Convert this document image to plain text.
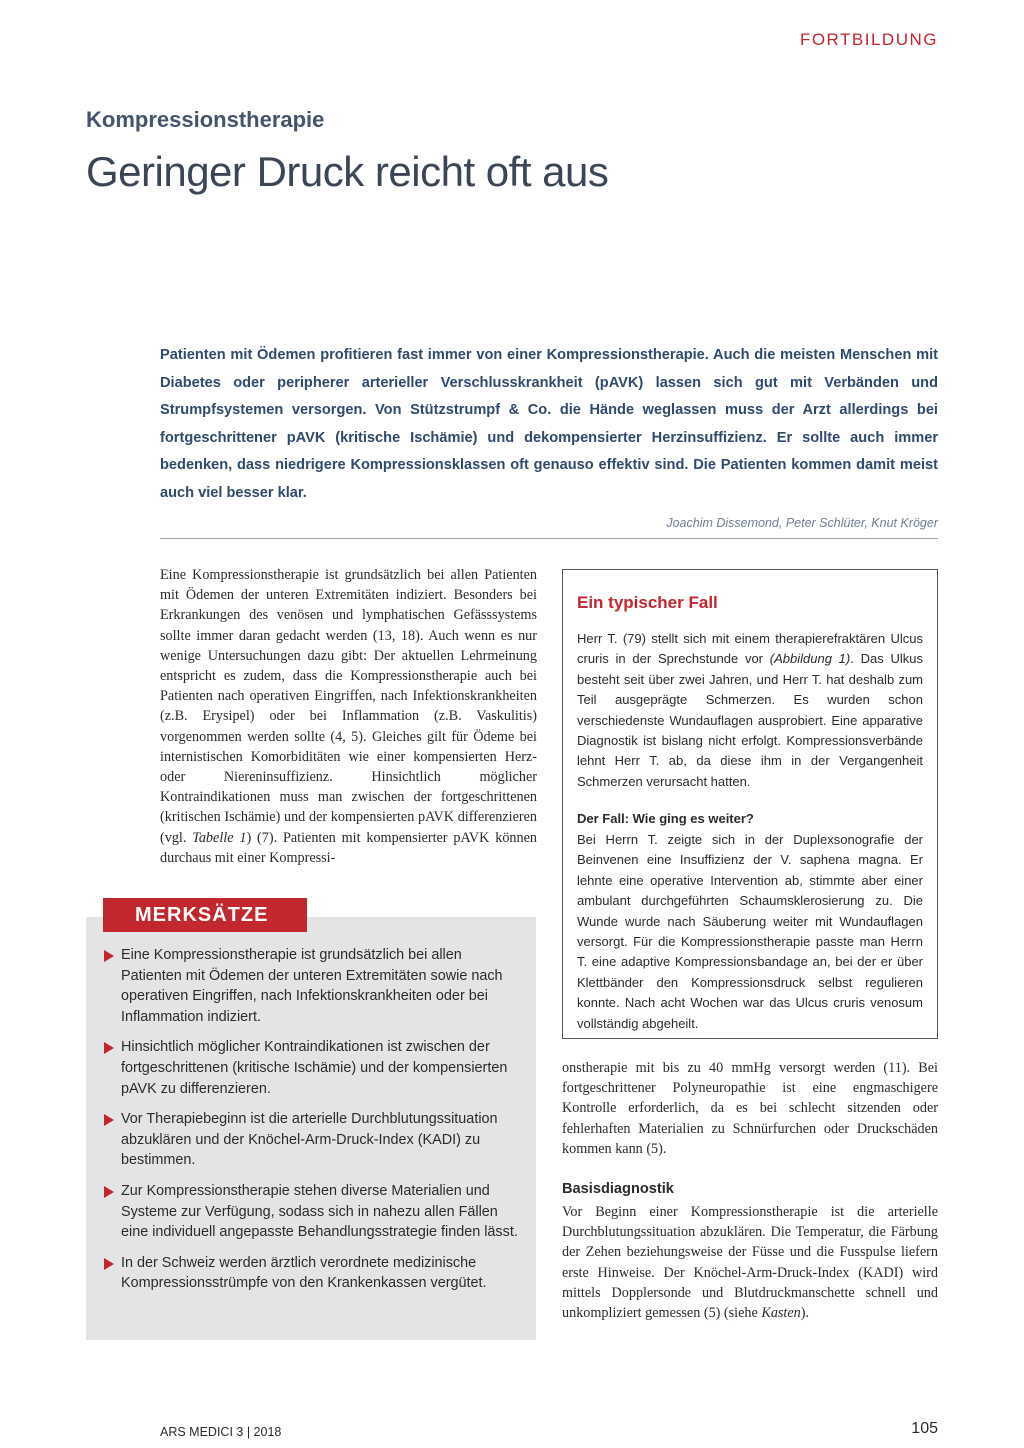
FORTBILDUNG
Kompressionstherapie
Geringer Druck reicht oft aus

Patienten mit Ödemen profitieren fast immer von einer Kompressionstherapie. Auch die meisten Menschen mit Diabetes oder peripherer arterieller Verschlusskrankheit (pAVK) lassen sich gut mit Verbänden und Strumpfsystemen versorgen. Von Stützstrumpf & Co. die Hände weglassen muss der Arzt allerdings bei fortgeschrittener pAVK (kritische Ischämie) und dekompensierter Herzinsuffizienz. Er sollte auch immer bedenken, dass niedrigere Kompressionsklassen oft genauso effektiv sind. Die Patienten kommen damit meist auch viel besser klar.

Joachim Dissemond, Peter Schlüter, Knut Kröger

Eine Kompressionstherapie ist grundsätzlich bei allen Patienten mit Ödemen der unteren Extremitäten indiziert. Besonders bei Erkrankungen des venösen und lymphatischen Gefässsystems sollte immer daran gedacht werden (13, 18). Auch wenn es nur wenige Untersuchungen dazu gibt: Der aktuellen Lehrmeinung entspricht es zudem, dass die Kompressionstherapie auch bei Patienten nach operativen Eingriffen, nach Infektionskrankheiten (z.B. Erysipel) oder bei Inflammation (z.B. Vaskulitis) vorgenommen werden sollte (4, 5). Gleiches gilt für Ödeme bei internistischen Komorbiditäten wie einer kompensierten Herz- oder Niereninsuffizienz. Hinsichtlich möglicher Kontraindikationen muss man zwischen der fortgeschrittenen (kritischen Ischämie) und der kompensierten pAVK differenzieren (vgl. Tabelle 1) (7). Patienten mit kompensierter pAVK können durchaus mit einer Kompressi-

MERKSÄTZE
Eine Kompressionstherapie ist grundsätzlich bei allen Patienten mit Ödemen der unteren Extremitäten sowie nach operativen Eingriffen, nach Infektionskrankheiten oder bei Inflammation indiziert.
Hinsichtlich möglicher Kontraindikationen ist zwischen der fortgeschrittenen (kritische Ischämie) und der kompensierten pAVK zu differenzieren.
Vor Therapiebeginn ist die arterielle Durchblutungssituation abzuklären und der Knöchel-Arm-Druck-Index (KADI) zu bestimmen.
Zur Kompressionstherapie stehen diverse Materialien und Systeme zur Verfügung, sodass sich in nahezu allen Fällen eine individuell angepasste Behandlungsstrategie finden lässt.
In der Schweiz werden ärztlich verordnete medizinische Kompressionsstrümpfe von den Krankenkassen vergütet.
Ein typischer Fall

Herr T. (79) stellt sich mit einem therapierefraktären Ulcus cruris in der Sprechstunde vor (Abbildung 1). Das Ulkus besteht seit über zwei Jahren, und Herr T. hat deshalb zum Teil ausgeprägte Schmerzen. Es wurden schon verschiedenste Wundauflagen ausprobiert. Eine apparative Diagnostik ist bislang nicht erfolgt. Kompressionsverbände lehnt Herr T. ab, da diese ihm in der Vergangenheit Schmerzen verursacht hatten.

Der Fall: Wie ging es weiter?

Bei Herrn T. zeigte sich in der Duplexsonografie der Beinvenen eine Insuffizienz der V. saphena magna. Er lehnte eine operative Intervention ab, stimmte aber einer ambulant durchgeführten Schaumsklerosierung zu. Die Wunde wurde nach Säuberung weiter mit Wundauflagen versorgt. Für die Kompressionstherapie passte man Herrn T. eine adaptive Kompressionsbandage an, bei der er über Klettbänder den Kompressionsdruck selbst regulieren konnte. Nach acht Wochen war das Ulcus cruris venosum vollständig abgeheilt.

onstherapie mit bis zu 40 mmHg versorgt werden (11). Bei fortgeschrittener Polyneuropathie ist eine engmaschigere Kontrolle erforderlich, da es bei schlecht sitzenden oder fehlerhaften Materialien zu Schnürfurchen oder Druckschäden kommen kann (5).

Basisdiagnostik

Vor Beginn einer Kompressionstherapie ist die arterielle Durchblutungssituation abzuklären. Die Temperatur, die Färbung der Zehen beziehungsweise der Füsse und die Fusspulse liefern erste Hinweise. Der Knöchel-Arm-Druck-Index (KADI) wird mittels Dopplersonde und Blutdruckmanschette schnell und unkompliziert gemessen (5) (siehe Kasten).

ARS MEDICI 3 | 2018	105
